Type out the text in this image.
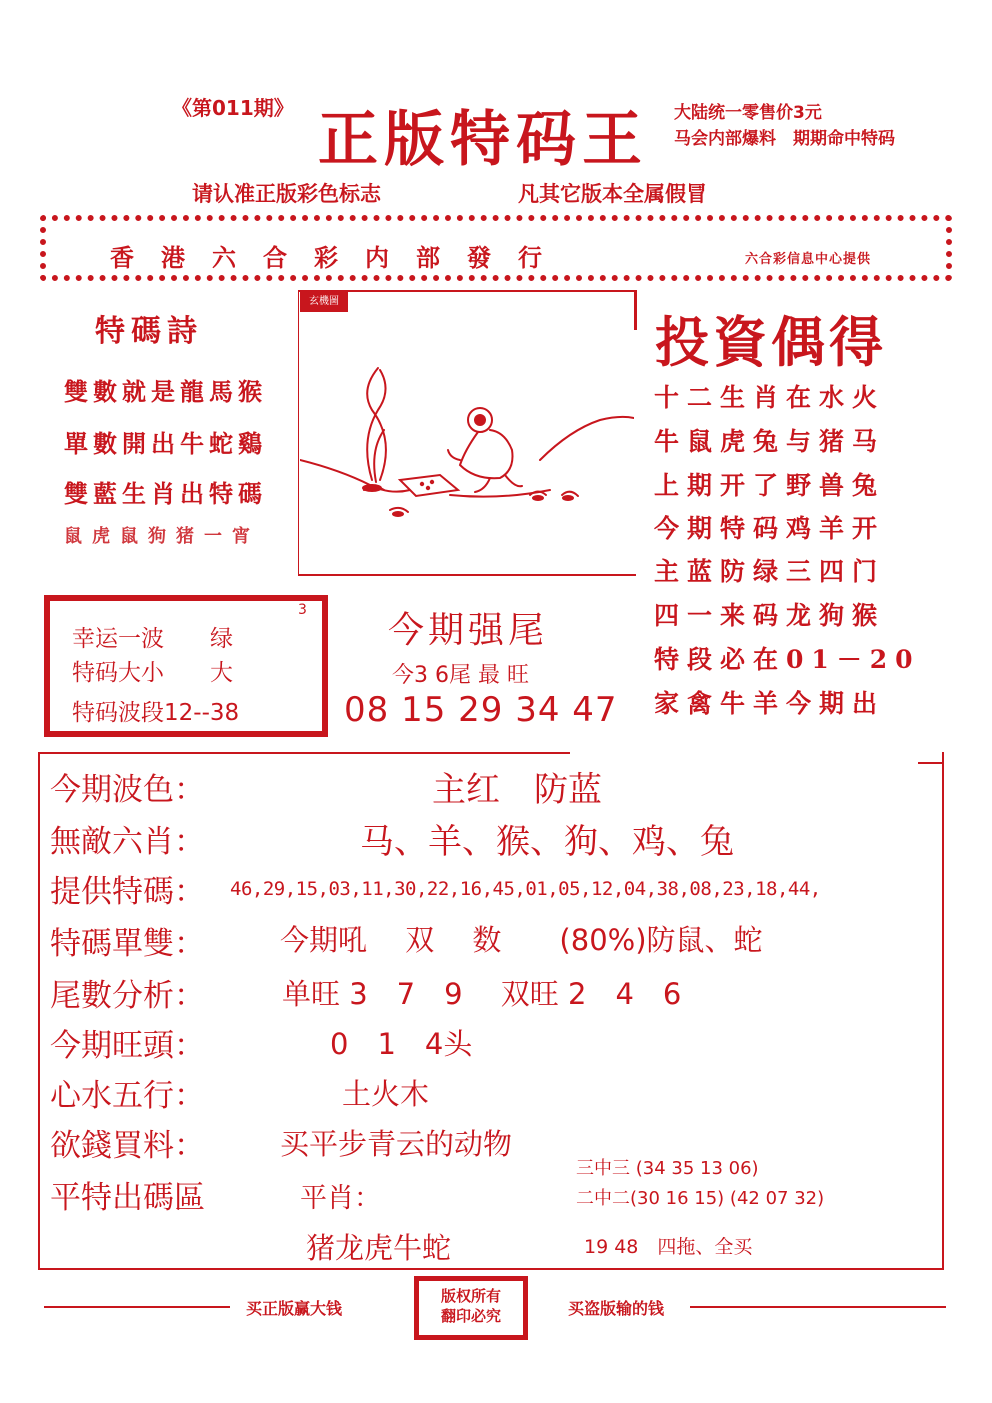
《第011期》 正版特码王 大陆统一零售价3元
马会内部爆料　期期命中特码
请认准正版彩色标志	凡其它版本全属假冒
香港六合彩内部發行	六合彩信息中心提供
特碼詩
雙數就是龍馬猴
單數開出牛蛇鷄
雙藍生肖出特碼
鼠虎鼠狗猪一宵
玄機圖
投資偶得
十二生肖在水火
牛鼠虎兔与猪马
上期开了野兽兔
今期特码鸡羊开
主蓝防绿三四门
四一来码龙狗猴
特段必在01－20
家禽牛羊今期出
幸运一波　　绿
特码大小　　大
特码波段12--38
3 今期强尾
今3 6尾 最 旺
08 15 29 34 47
今期波色：	主红　防蓝
無敵六肖：	马、羊、猴、狗、鸡、兔
提供特碼： 46,29,15,03,11,30,22,16,45,01,05,12,04,38,08,23,18,44,
特碼單雙：	今期吼　 双　 数　　(80%)防鼠、蛇
尾數分析：	单旺 3　7　9　 双旺 2　4　6
今期旺頭：	0　1　4头
心水五行：	土火木
欲錢買料：	买平步青云的动物
平特出碼區	平肖：
猪龙虎牛蛇
三中三 (34 35 13 06)
二中二(30 16 15) (42 07 32)
19 48　四拖、全买
买正版赢大钱	买盗版输的钱
版权所有
翻印必究
